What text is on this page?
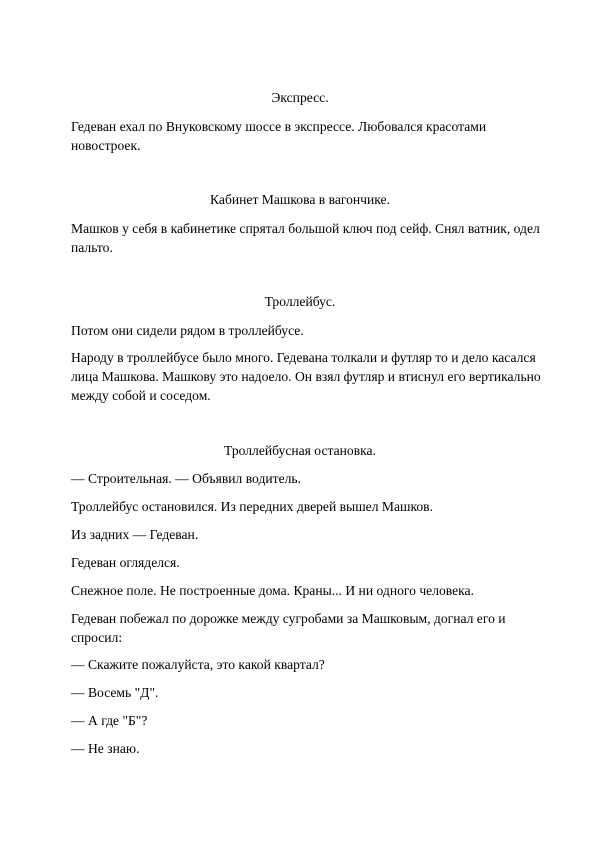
Экспресс.

Гедеван ехал по Внуковскому шоссе в экспрессе. Любовался красотами новостроек.

Кабинет Машкова в вагончике.

Машков у себя в кабинетике спрятал большой ключ под сейф. Снял ватник, одел пальто.

Троллейбус.

Потом они сидели рядом в троллейбусе.

Народу в троллейбусе было много. Гедевана толкали и футляр то и дело касался лица Машкова. Машкову это надоело. Он взял футляр и втиснул его вертикально между собой и соседом.

Троллейбусная остановка.

— Строительная. — Объявил водитель.

Троллейбус остановился. Из передних дверей вышел Машков.

Из задних — Гедеван.

Гедеван огляделся.

Снежное поле. Не построенные дома. Краны... И ни одного человека.

Гедеван побежал по дорожке между сугробами за Машковым, догнал его и спросил:

— Скажите пожалуйста, это какой квартал?

— Восемь "Д".

— А где "Б"?

— Не знаю.
